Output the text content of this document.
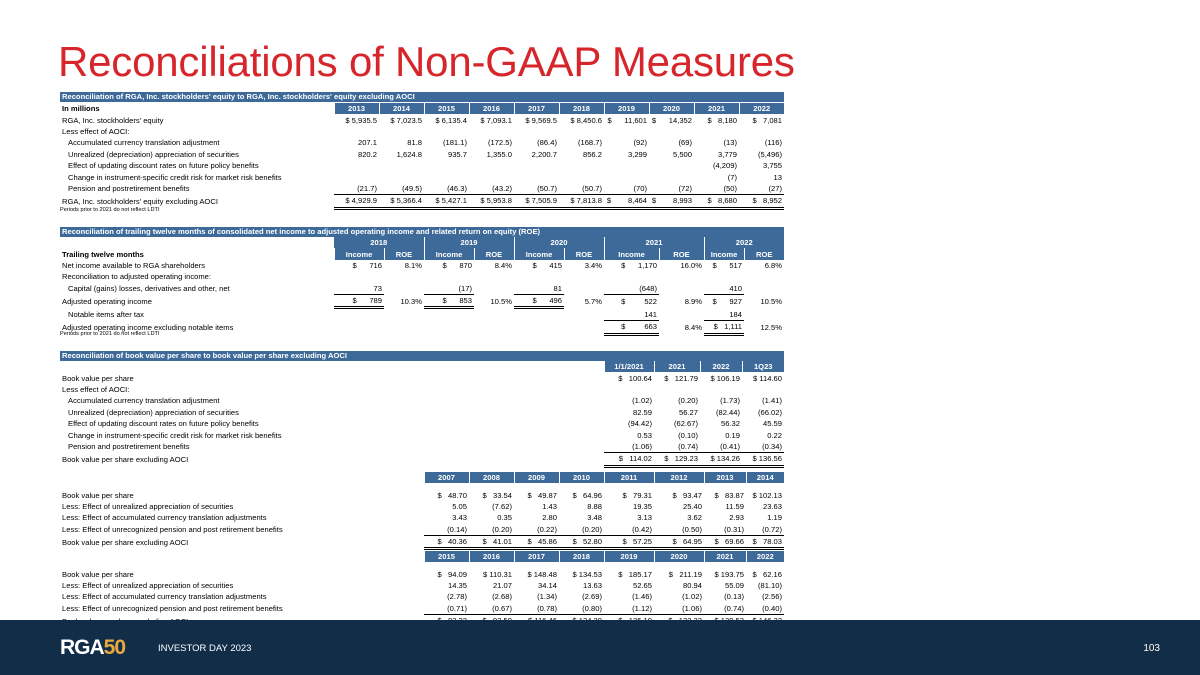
Reconciliations of Non-GAAP Measures
Reconciliation of RGA, Inc. stockholders' equity to RGA, Inc. stockholders' equity excluding AOCI
In millions	2013	2014	2015	2016	2017	2018	2019	2020	2021	2022
RGA, Inc. stockholders' equity	$ 5,935.5	$ 7,023.5	$ 6,135.4	$ 7,093.1	$ 9,569.5	$ 8,450.6	$      11,601	$      14,352	$   8,180	$   7,081
Less effect of AOCI:										
Accumulated currency translation adjustment	207.1	81.8	(181.1)	(172.5)	(86.4)	(168.7)	(92)	(69)	(13)	(116)
Unrealized (depreciation) appreciation of securities	820.2	1,624.8	935.7	1,355.0	2,200.7	856.2	3,299	5,500	3,779	(5,496)
Effect of updating discount rates on future policy benefits									(4,209)	3,755
Change in instrument-specific credit risk for market risk benefits									(7)	13
Pension and postretirement benefits	(21.7)	(49.5)	(46.3)	(43.2)	(50.7)	(50.7)	(70)	(72)	(50)	(27)
RGA, Inc. stockholders' equity excluding AOCI	$ 4,929.9	$ 5,366.4	$ 5,427.1	$ 5,953.8	$ 7,505.9	$ 7,813.8	$        8,464	$        8,993	$   8,680	$   8,952
Periods prior to 2021 do not reflect LDTI
Reconciliation of trailing twelve months of consolidated net income to adjusted operating income and related return on equity (ROE)
	2018		2019		2020		2021		2022	
Trailing twelve months	Income	ROE	Income	ROE	Income	ROE	Income	ROE	Income	ROE
Net income available to RGA shareholders	$      716	8.1%	$      870	8.4%	$      415	3.4%	$      1,170	16.0%	$      517	6.8%
Reconciliation to adjusted operating income:										
Capital (gains) losses, derivatives and other, net	73		(17)		81		(648)		410	
Adjusted operating income	$      789	10.3%	$      853	10.5%	$      496	5.7%	$         522	8.9%	$      927	10.5%
Notable items after tax							141		184	
Adjusted operating income excluding notable items							$         663	8.4%	$   1,111	12.5%
Periods prior to 2021 do not reflect LDTI
Reconciliation of book value per share to book value per share excluding AOCI
	1/1/2021	2021	2022	1Q23
Book value per share	$   100.64	$   121.79	$ 106.19	$ 114.60
Less effect of AOCI:				
Accumulated currency translation adjustment	(1.02)	(0.20)	(1.73)	(1.41)
Unrealized (depreciation) appreciation of securities	82.59	56.27	(82.44)	(66.02)
Effect of updating discount rates on future policy benefits	(94.42)	(62.67)	56.32	45.59
Change in instrument-specific credit risk for market risk benefits	0.53	(0.10)	0.19	0.22
Pension and postretirement benefits	(1.06)	(0.74)	(0.41)	(0.34)
Book value per share excluding AOCI	$   114.02	$   129.23	$ 134.26	$ 136.56
	2007	2008	2009	2010	2011	2012	2013	2014

Book value per share	$   48.70	$   33.54	$   49.87	$   64.96	$   79.31	$   93.47	$   83.87	$ 102.13
Less: Effect of unrealized appreciation of securities	5.05	(7.62)	1.43	8.88	19.35	25.40	11.59	23.63
Less: Effect of accumulated currency translation adjustments	3.43	0.35	2.80	3.48	3.13	3.62	2.93	1.19
Less: Effect of unrecognized pension and post retirement benefits	(0.14)	(0.20)	(0.22)	(0.20)	(0.42)	(0.50)	(0.31)	(0.72)
Book value per share excluding AOCI	$   40.36	$   41.01	$   45.86	$   52.80	$   57.25	$   64.95	$   69.66	$   78.03
	2015	2016	2017	2018	2019	2020	2021	2022

Book value per share	$   94.09	$ 110.31	$ 148.48	$ 134.53	$   185.17	$   211.19	$ 193.75	$   62.16
Less: Effect of unrealized appreciation of securities	14.35	21.07	34.14	13.63	52.65	80.94	55.09	(81.10)
Less: Effect of accumulated currency translation adjustments	(2.78)	(2.68)	(1.34)	(2.69)	(1.46)	(1.02)	(0.13)	(2.56)
Less: Effect of unrecognized pension and post retirement benefits	(0.71)	(0.67)	(0.78)	(0.80)	(1.12)	(1.06)	(0.74)	(0.40)

RGA50	INVESTOR DAY 2023	103
